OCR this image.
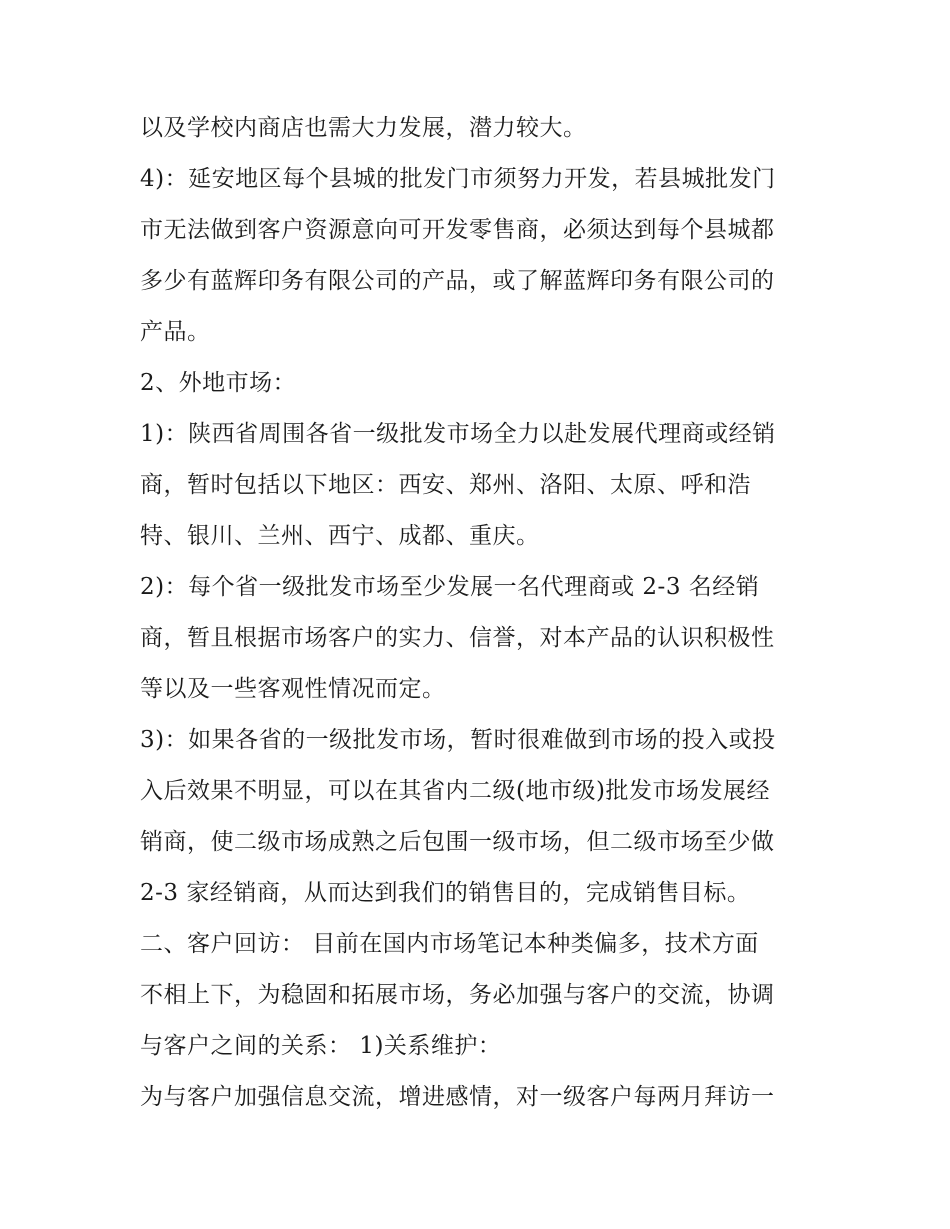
以及学校内商店也需大力发展，潜力较大。
4)：延安地区每个县城的批发门市须努力开发，若县城批发门
市无法做到客户资源意向可开发零售商，必须达到每个县城都
多少有蓝辉印务有限公司的产品，或了解蓝辉印务有限公司的
产品。
2、外地市场：
1)：陕西省周围各省一级批发市场全力以赴发展代理商或经销
商，暂时包括以下地区：西安、郑州、洛阳、太原、呼和浩
特、银川、兰州、西宁、成都、重庆。
2)：每个省一级批发市场至少发展一名代理商或 2-3 名经销
商，暂且根据市场客户的实力、信誉，对本产品的认识积极性
等以及一些客观性情况而定。
3)：如果各省的一级批发市场，暂时很难做到市场的投入或投
入后效果不明显，可以在其省内二级(地市级)批发市场发展经
销商，使二级市场成熟之后包围一级市场，但二级市场至少做
2-3 家经销商，从而达到我们的销售目的，完成销售目标。
二、客户回访： 目前在国内市场笔记本种类偏多，技术方面
不相上下，为稳固和拓展市场，务必加强与客户的交流，协调
与客户之间的关系： 1)关系维护：
为与客户加强信息交流，增进感情，对一级客户每两月拜访一
